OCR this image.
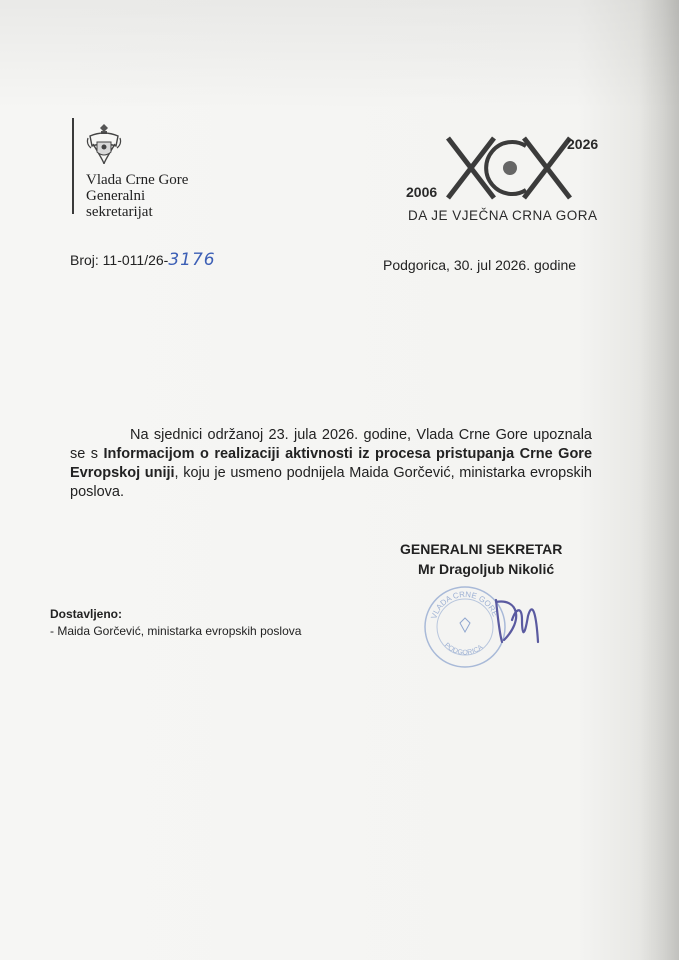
Vlada Crne Gore
Generalni
sekretarijat
2026
2006
DA JE VJEČNA CRNA GORA
Broj: 11-011/26-3176	Podgorica, 30. jul 2026. godine
Na sjednici održanoj 23. jula 2026. godine, Vlada Crne Gore upoznala se s Informacijom o realizaciji aktivnosti iz procesa pristupanja Crne Gore Evropskoj uniji, koju je usmeno podnijela Maida Gorčević, ministarka evropskih poslova.
GENERALNI SEKRETAR
Mr Dragoljub Nikolić
VLADA CRNE GORE
PODGORICA
Dostavljeno:
- Maida Gorčević, ministarka evropskih poslova
